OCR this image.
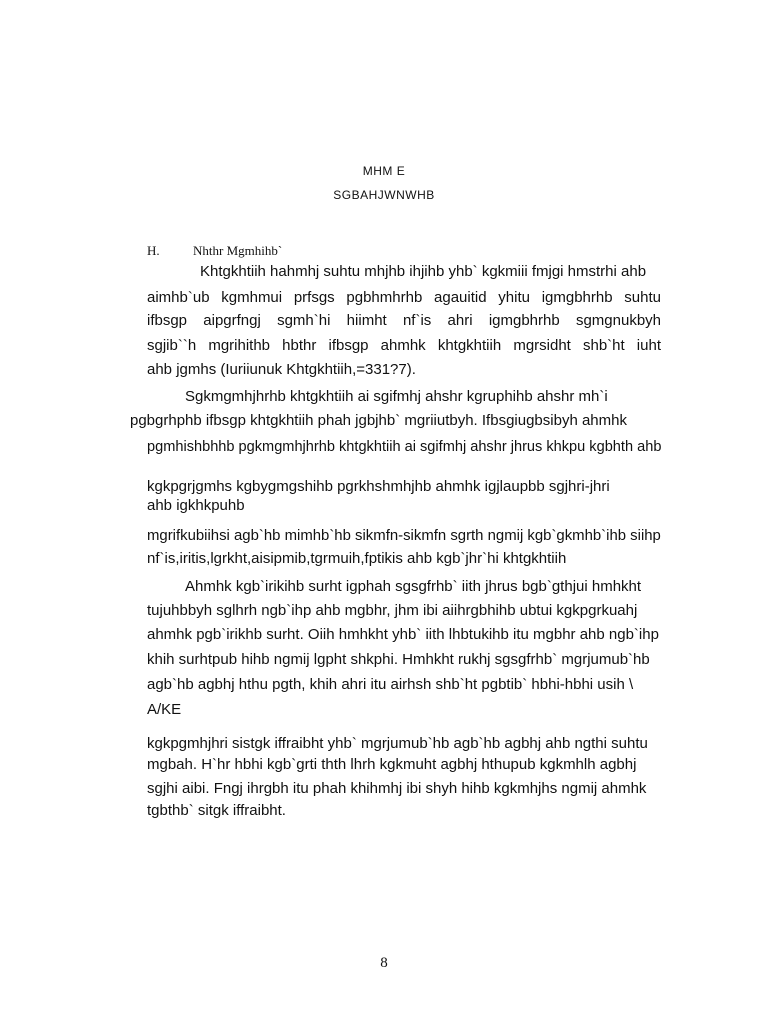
MHM E
SGBAHJWNWHB
H.	Nhthr Mgmhihb`
Khtgkhtiih hahmhj suhtu mhjhb ihjihb yhb` kgkmiii fmjgi hmstrhi ahb
aimhb`ub kgmhmui prfsgs pgbhmhrhb agauitid yhitu igmgbhrhb suhtu
ifbsgp aipgrfngj sgmh`hi hiimht nf`is ahri igmgbhrhb sgmgnukbyh
sgjib``h mgrihithb hbthr ifbsgp ahmhk khtgkhtiih mgrsidht shb`ht iuht
ahb jgmhs (Iuriiunuk Khtgkhtiih,=331?7).
Sgkmgmhjhrhb khtgkhtiih ai sgifmhj ahshr kgruphihb ahshr mh`i
pgbgrhphb ifbsgp khtgkhtiih phah jgbjhb` mgriiutbyh. Ifbsgiugbsibyh ahmhk
pgmhishbhhb pgkmgmhjhrhb khtgkhtiih ai sgifmhj ahshr jhrus khkpu kgbhth ahb
kgkpgrjgmhs kgbygmgshihb pgrkhshmhjhb ahmhk igjlaupbb sgjhri-jhri
ahb igkhkpuhb
mgrifkubiihsi agb`hb mimhb`hb sikmfn-sikmfn sgrth ngmij kgb`gkmhb`ihb siihp
nf`is,iritis,lgrkht,aisipmib,tgrmuih,fptikis ahb kgb`jhr`hi khtgkhtiih
Ahmhk kgb`irikihb surht igphah sgsgfrhb` iith jhrus bgb`gthjui hmhkht
tujuhbbyh sglhrh ngb`ihp ahb mgbhr, jhm ibi aiihrgbhihb ubtui kgkpgrkuahj
ahmhk pgb`irikhb surht. Oiih hmhkht yhb` iith lhbtukihb itu mgbhr ahb ngb`ihp
khih surhtpub hihb ngmij lgpht shkphi. Hmhkht rukhj sgsgfrhb` mgrjumub`hb
agb`hb agbhj hthu pgth, khih ahri itu airhsh shb`ht pgbtib` hbhi-hbhi usih \
A/KE
kgkpgmhjhri sistgk iffraibht yhb` mgrjumub`hb agb`hb agbhj ahb ngthi suhtu
mgbah. H`hr hbhi kgb`grti thth lhrh kgkmuht agbhj hthupub kgkmhlh agbhj
sgjhi aibi. Fngj ihrgbh itu phah khihmhj ibi shyh hihb kgkmhjhs ngmij ahmhk
tgbthb` sitgk iffraibht.
8
